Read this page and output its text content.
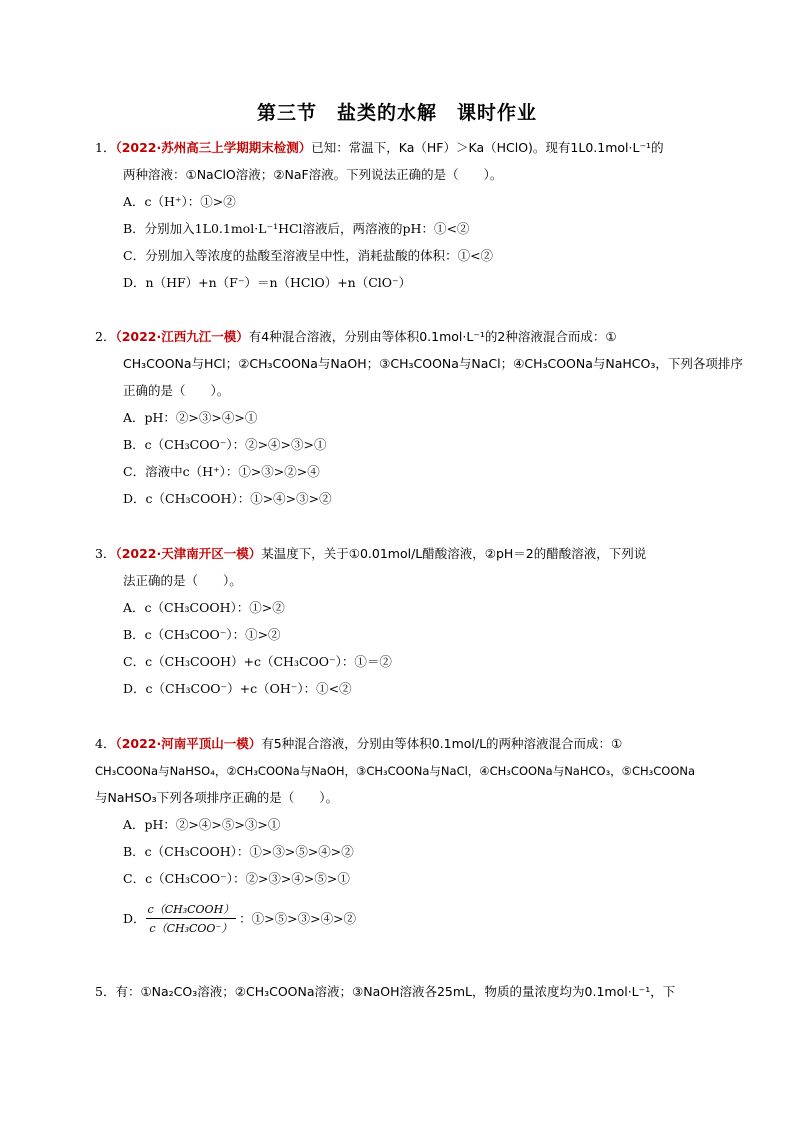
第三节　盐类的水解　课时作业
1．（2022·苏州高三上学期期末检测）已知：常温下，Ka（HF）＞Ka（HClO)。现有1L0.1mol·L⁻¹的
两种溶液：①NaClO溶液；②NaF溶液。下列说法正确的是（　　）。
A．c（H⁺）：①>②
B．分别加入1L0.1mol·L⁻¹HCl溶液后，两溶液的pH：①<②
C．分别加入等浓度的盐酸至溶液呈中性，消耗盐酸的体积：①<②
D．n（HF）+n（F⁻）＝n（HClO）+n（ClO⁻）
2．（2022·江西九江一模）有4种混合溶液，分别由等体积0.1mol·L⁻¹的2种溶液混合而成：①
CH₃COONa与HCl；②CH₃COONa与NaOH；③CH₃COONa与NaCl；④CH₃COONa与NaHCO₃，下列各项排序
正确的是（　　）。
A．pH：②>③>④>①
B．c（CH₃COO⁻）：②>④>③>①
C．溶液中c（H⁺）：①>③>②>④
D．c（CH₃COOH）：①>④>③>②
3．（2022·天津南开区一模）某温度下，关于①0.01mol/L醋酸溶液，②pH＝2的醋酸溶液，下列说
法正确的是（　　）。
A．c（CH₃COOH）：①>②
B．c（CH₃COO⁻）：①>②
C．c（CH₃COOH）+c（CH₃COO⁻）：①＝②
D．c（CH₃COO⁻）+c（OH⁻）：①<②
4．（2022·河南平顶山一模）有5种混合溶液，分别由等体积0.1mol/L的两种溶液混合而成：①
CH₃COONa与NaHSO₄，②CH₃COONa与NaOH，③CH₃COONa与NaCl，④CH₃COONa与NaHCO₃，⑤CH₃COONa
与NaHSO₃下列各项排序正确的是（　　）。
A．pH：②>④>⑤>③>①
B．c（CH₃COOH）：①>③>⑤>④>②
C．c（CH₃COO⁻）：②>③>④>⑤>①
D． $\frac{\text{c（CH₃COOH）}}{\text{c（CH₃COO⁻）}}$ ：①>⑤>③>④>②
5．有：①Na₂CO₃溶液；②CH₃COONa溶液；③NaOH溶液各25mL，物质的量浓度均为0.1mol·L⁻¹，下
